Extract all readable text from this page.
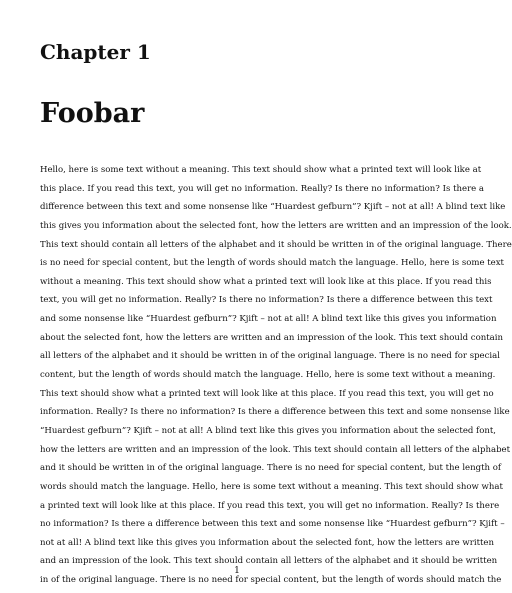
Chapter 1
Foobar
Hello, here is some text without a meaning. This text should show what a printed text will look like at
this place. If you read this text, you will get no information. Really? Is there no information? Is there a
difference between this text and some nonsense like “Huardest gefburn”? Kjift – not at all! A blind text like
this gives you information about the selected font, how the letters are written and an impression of the look.
This text should contain all letters of the alphabet and it should be written in of the original language. There
is no need for special content, but the length of words should match the language. Hello, here is some text
without a meaning. This text should show what a printed text will look like at this place. If you read this
text, you will get no information. Really? Is there no information? Is there a difference between this text
and some nonsense like “Huardest gefburn”? Kjift – not at all! A blind text like this gives you information
about the selected font, how the letters are written and an impression of the look. This text should contain
all letters of the alphabet and it should be written in of the original language. There is no need for special
content, but the length of words should match the language. Hello, here is some text without a meaning.
This text should show what a printed text will look like at this place. If you read this text, you will get no
information. Really? Is there no information? Is there a difference between this text and some nonsense like
“Huardest gefburn”? Kjift – not at all! A blind text like this gives you information about the selected font,
how the letters are written and an impression of the look. This text should contain all letters of the alphabet
and it should be written in of the original language. There is no need for special content, but the length of
words should match the language. Hello, here is some text without a meaning. This text should show what
a printed text will look like at this place. If you read this text, you will get no information. Really? Is there
no information? Is there a difference between this text and some nonsense like “Huardest gefburn”? Kjift –
not at all! A blind text like this gives you information about the selected font, how the letters are written
and an impression of the look. This text should contain all letters of the alphabet and it should be written
in of the original language. There is no need for special content, but the length of words should match the
1
